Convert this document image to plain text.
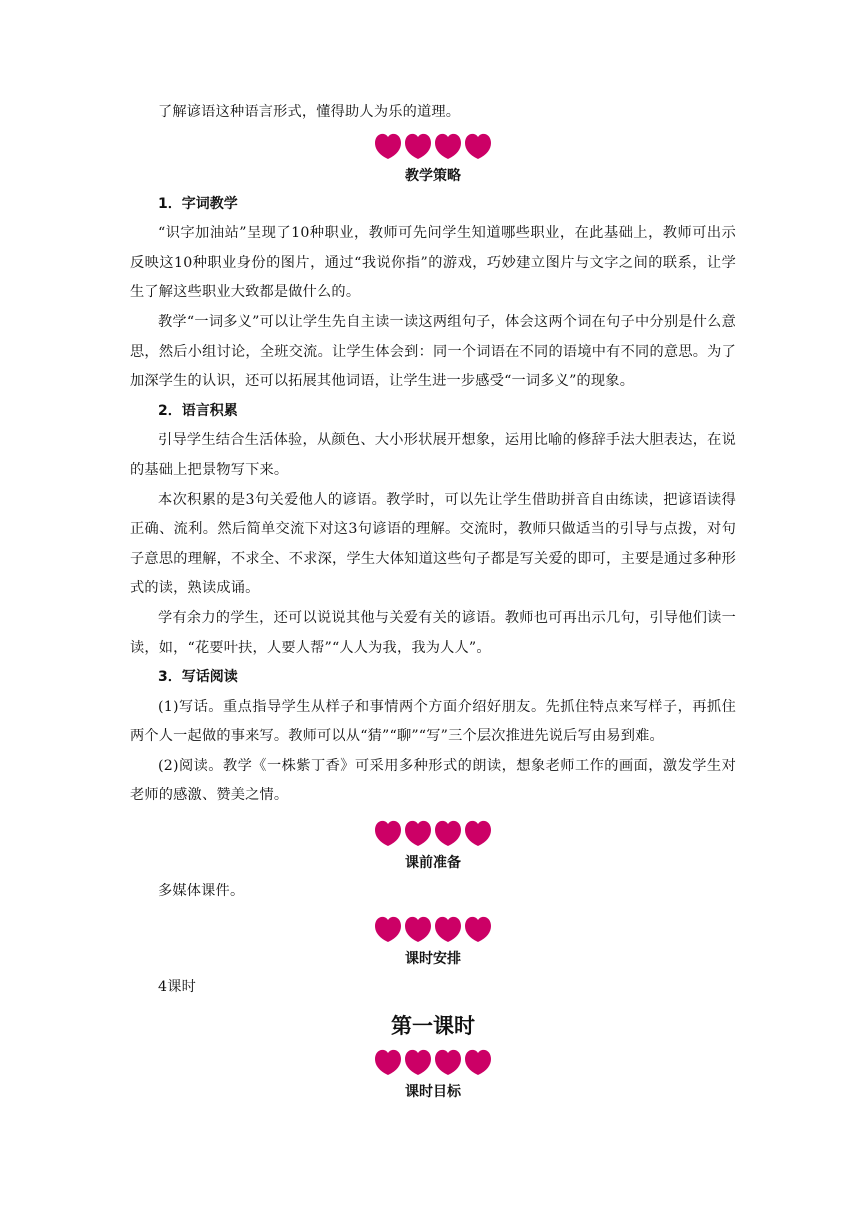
了解谚语这种语言形式，懂得助人为乐的道理。

教学策略
1．字词教学

“识字加油站”呈现了10种职业，教师可先问学生知道哪些职业，在此基础上，教师可出示反映这10种职业身份的图片，通过“我说你指”的游戏，巧妙建立图片与文字之间的联系，让学生了解这些职业大致都是做什么的。

教学“一词多义”可以让学生先自主读一读这两组句子，体会这两个词在句子中分别是什么意思，然后小组讨论，全班交流。让学生体会到：同一个词语在不同的语境中有不同的意思。为了加深学生的认识，还可以拓展其他词语，让学生进一步感受“一词多义”的现象。

2．语言积累

引导学生结合生活体验，从颜色、大小形状展开想象，运用比喻的修辞手法大胆表达，在说的基础上把景物写下来。

本次积累的是3句关爱他人的谚语。教学时，可以先让学生借助拼音自由练读，把谚语读得正确、流利。然后简单交流下对这3句谚语的理解。交流时，教师只做适当的引导与点拨，对句子意思的理解，不求全、不求深，学生大体知道这些句子都是写关爱的即可，主要是通过多种形式的读，熟读成诵。

学有余力的学生，还可以说说其他与关爱有关的谚语。教师也可再出示几句，引导他们读一读，如，“花要叶扶，人要人帮”“人人为我，我为人人”。

3．写话阅读

(1)写话。重点指导学生从样子和事情两个方面介绍好朋友。先抓住特点来写样子，再抓住两个人一起做的事来写。教师可以从“猜”“聊”“写”三个层次推进先说后写由易到难。

(2)阅读。教学《一株紫丁香》可采用多种形式的朗读，想象老师工作的画面，激发学生对老师的感激、赞美之情。

课前准备

多媒体课件。

课时安排

4课时

第一课时
课时目标
